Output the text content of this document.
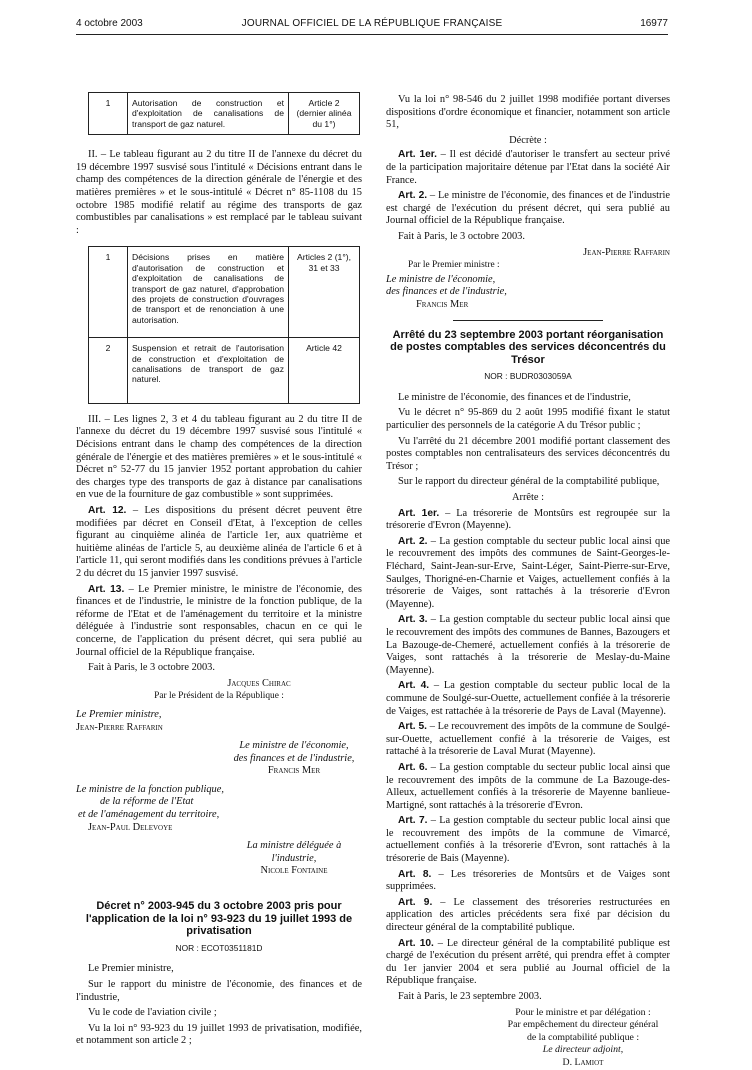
4 octobre 2003	JOURNAL OFFICIEL DE LA RÉPUBLIQUE FRANÇAISE	16977
1	Autorisation de construction et d'exploitation de canalisations de transport de gaz naturel.	Article 2 (dernier alinéa du 1°)

II. – Le tableau figurant au 2 du titre II de l'annexe du décret du 19 décembre 1997 susvisé sous l'intitulé « Décisions entrant dans le champ des compétences de la direction générale de l'énergie et des matières premières » et le sous-intitulé « Décret n° 85-1108 du 15 octobre 1985 modifié relatif au régime des transports de gaz combustibles par canalisations » est remplacé par le tableau suivant :

1	Décisions prises en matière d'autorisation de construction et d'exploitation de canalisations de transport de gaz naturel, d'approbation des projets de construction d'ouvrages de transport et de renonciation à une autorisation.	Articles 2 (1°), 31 et 33
2	Suspension et retrait de l'autorisation de construction et d'exploitation de canalisations de transport de gaz naturel.	Article 42

III. – Les lignes 2, 3 et 4 du tableau figurant au 2 du titre II de l'annexe du décret du 19 décembre 1997 susvisé sous l'intitulé « Décisions entrant dans le champ des compétences de la direction générale de l'énergie et des matières premières » et le sous-intitulé « Décret n° 52-77 du 15 janvier 1952 portant approbation du cahier des charges type des transports de gaz à distance par canalisations en vue de la fourniture de gaz combustible » sont supprimées.

Art. 12. – Les dispositions du présent décret peuvent être modifiées par décret en Conseil d'Etat, à l'exception de celles figurant au cinquième alinéa de l'article 1er, aux quatrième et huitième alinéas de l'article 5, au deuxième alinéa de l'article 6 et à l'article 11, qui seront modifiés dans les conditions prévues à l'article 2 du décret du 15 janvier 1997 susvisé.

Art. 13. – Le Premier ministre, le ministre de l'économie, des finances et de l'industrie, le ministre de la fonction publique, de la réforme de l'Etat et de l'aménagement du territoire et la ministre déléguée à l'industrie sont responsables, chacun en ce qui le concerne, de l'application du présent décret, qui sera publié au Journal officiel de la République française.

Fait à Paris, le 3 octobre 2003.

Jacques Chirac
Par le Président de la République :
Le Premier ministre,
Jean-Pierre Raffarin
Le ministre de l'économie,
des finances et de l'industrie,
Francis Mer
Le ministre de la fonction publique,
de la réforme de l'Etat
et de l'aménagement du territoire,
Jean-Paul Delevoye
La ministre déléguée à l'industrie,
Nicole Fontaine
Décret n° 2003-945 du 3 octobre 2003 pris pour l'application de la loi n° 93-923 du 19 juillet 1993 de privatisation
NOR : ECOT0351181D

Le Premier ministre,

Sur le rapport du ministre de l'économie, des finances et de l'industrie,

Vu le code de l'aviation civile ;

Vu la loi n° 93-923 du 19 juillet 1993 de privatisation, modifiée, et notamment son article 2 ;

Vu la loi n° 98-546 du 2 juillet 1998 modifiée portant diverses dispositions d'ordre économique et financier, notamment son article 51,

Décrète :

Art. 1er. – Il est décidé d'autoriser le transfert au secteur privé de la participation majoritaire détenue par l'Etat dans la société Air France.

Art. 2. – Le ministre de l'économie, des finances et de l'industrie est chargé de l'exécution du présent décret, qui sera publié au Journal officiel de la République française.

Fait à Paris, le 3 octobre 2003.

Jean-Pierre Raffarin
Par le Premier ministre :
Le ministre de l'économie,
des finances et de l'industrie,
Francis Mer
Arrêté du 23 septembre 2003 portant réorganisation de postes comptables des services déconcentrés du Trésor
NOR : BUDR0303059A

Le ministre de l'économie, des finances et de l'industrie,

Vu le décret n° 95-869 du 2 août 1995 modifié fixant le statut particulier des personnels de la catégorie A du Trésor public ;

Vu l'arrêté du 21 décembre 2001 modifié portant classement des postes comptables non centralisateurs des services déconcentrés du Trésor ;

Sur le rapport du directeur général de la comptabilité publique,

Arrête :

Art. 1er. – La trésorerie de Montsûrs est regroupée sur la trésorerie d'Evron (Mayenne).

Art. 2. – La gestion comptable du secteur public local ainsi que le recouvrement des impôts des communes de Saint-Georges-le-Fléchard, Saint-Jean-sur-Erve, Saint-Léger, Saint-Pierre-sur-Erve, Saulges, Thorigné-en-Charnie et Vaiges, actuellement confiés à la trésorerie de Vaiges, sont rattachés à la trésorerie d'Evron (Mayenne).

Art. 3. – La gestion comptable du secteur public local ainsi que le recouvrement des impôts des communes de Bannes, Bazougers et La Bazouge-de-Chemeré, actuellement confiés à la trésorerie de Vaiges, sont rattachés à la trésorerie de Meslay-du-Maine (Mayenne).

Art. 4. – La gestion comptable du secteur public local de la commune de Soulgé-sur-Ouette, actuellement confiée à la trésorerie de Vaiges, est rattachée à la trésorerie de Pays de Laval (Mayenne).

Art. 5. – Le recouvrement des impôts de la commune de Soulgé-sur-Ouette, actuellement confié à la trésorerie de Vaiges, est rattaché à la trésorerie de Laval Murat (Mayenne).

Art. 6. – La gestion comptable du secteur public local ainsi que le recouvrement des impôts de la commune de La Bazouge-des-Alleux, actuellement confiés à la trésorerie de Mayenne banlieue-Martigné, sont rattachés à la trésorerie d'Evron.

Art. 7. – La gestion comptable du secteur public local ainsi que le recouvrement des impôts de la commune de Vimarcé, actuellement confiés à la trésorerie d'Evron, sont rattachés à la trésorerie de Bais (Mayenne).

Art. 8. – Les trésoreries de Montsûrs et de Vaiges sont supprimées.

Art. 9. – Le classement des trésoreries restructurées en application des articles précédents sera fixé par décision du directeur général de la comptabilité publique.

Art. 10. – Le directeur général de la comptabilité publique est chargé de l'exécution du présent arrêté, qui prendra effet à compter du 1er janvier 2004 et sera publié au Journal officiel de la République française.

Fait à Paris, le 23 septembre 2003.

Pour le ministre et par délégation :
Par empêchement du directeur général
de la comptabilité publique :
Le directeur adjoint,
D. Lamiot
